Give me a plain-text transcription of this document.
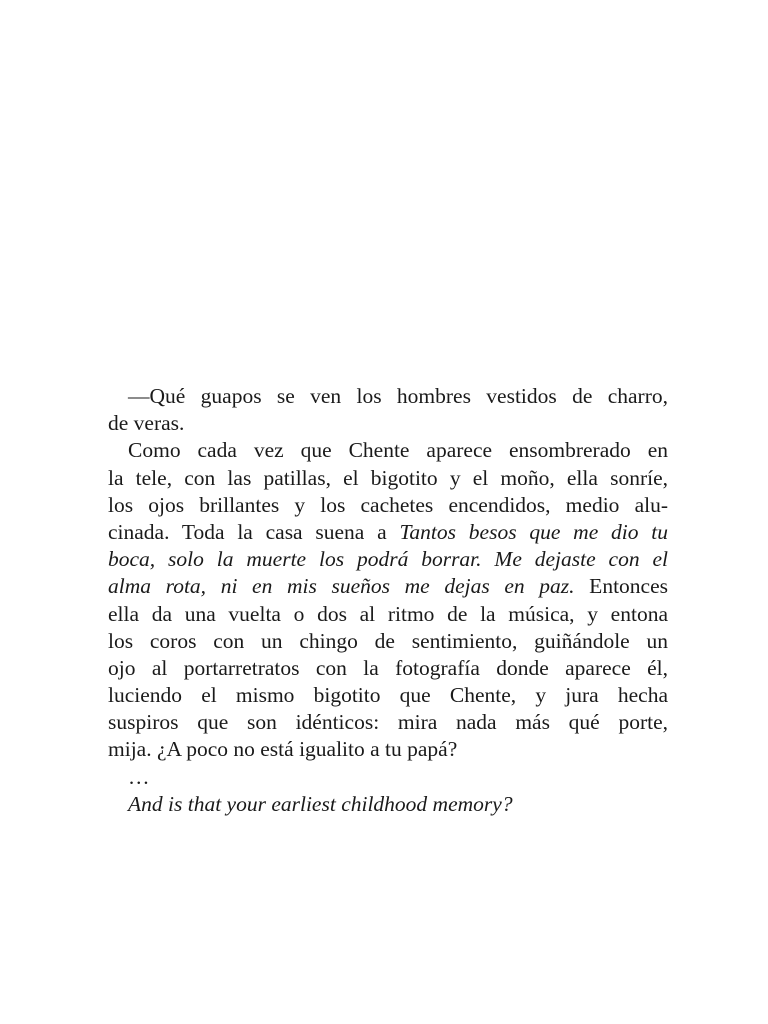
—Qué guapos se ven los hombres vestidos de charro,
de veras.
Como cada vez que Chente aparece ensombrerado en
la tele, con las patillas, el bigotito y el moño, ella sonríe,
los ojos brillantes y los cachetes encendidos, medio alu-
cinada. Toda la casa suena a Tantos besos que me dio tu
boca, solo la muerte los podrá borrar. Me dejaste con el
alma rota, ni en mis sueños me dejas en paz. Entonces
ella da una vuelta o dos al ritmo de la música, y entona
los coros con un chingo de sentimiento, guiñándole un
ojo al portarretratos con la fotografía donde aparece él,
luciendo el mismo bigotito que Chente, y jura hecha
suspiros que son idénticos: mira nada más qué porte,
mija. ¿A poco no está igualito a tu papá?
…
And is that your earliest childhood memory?
